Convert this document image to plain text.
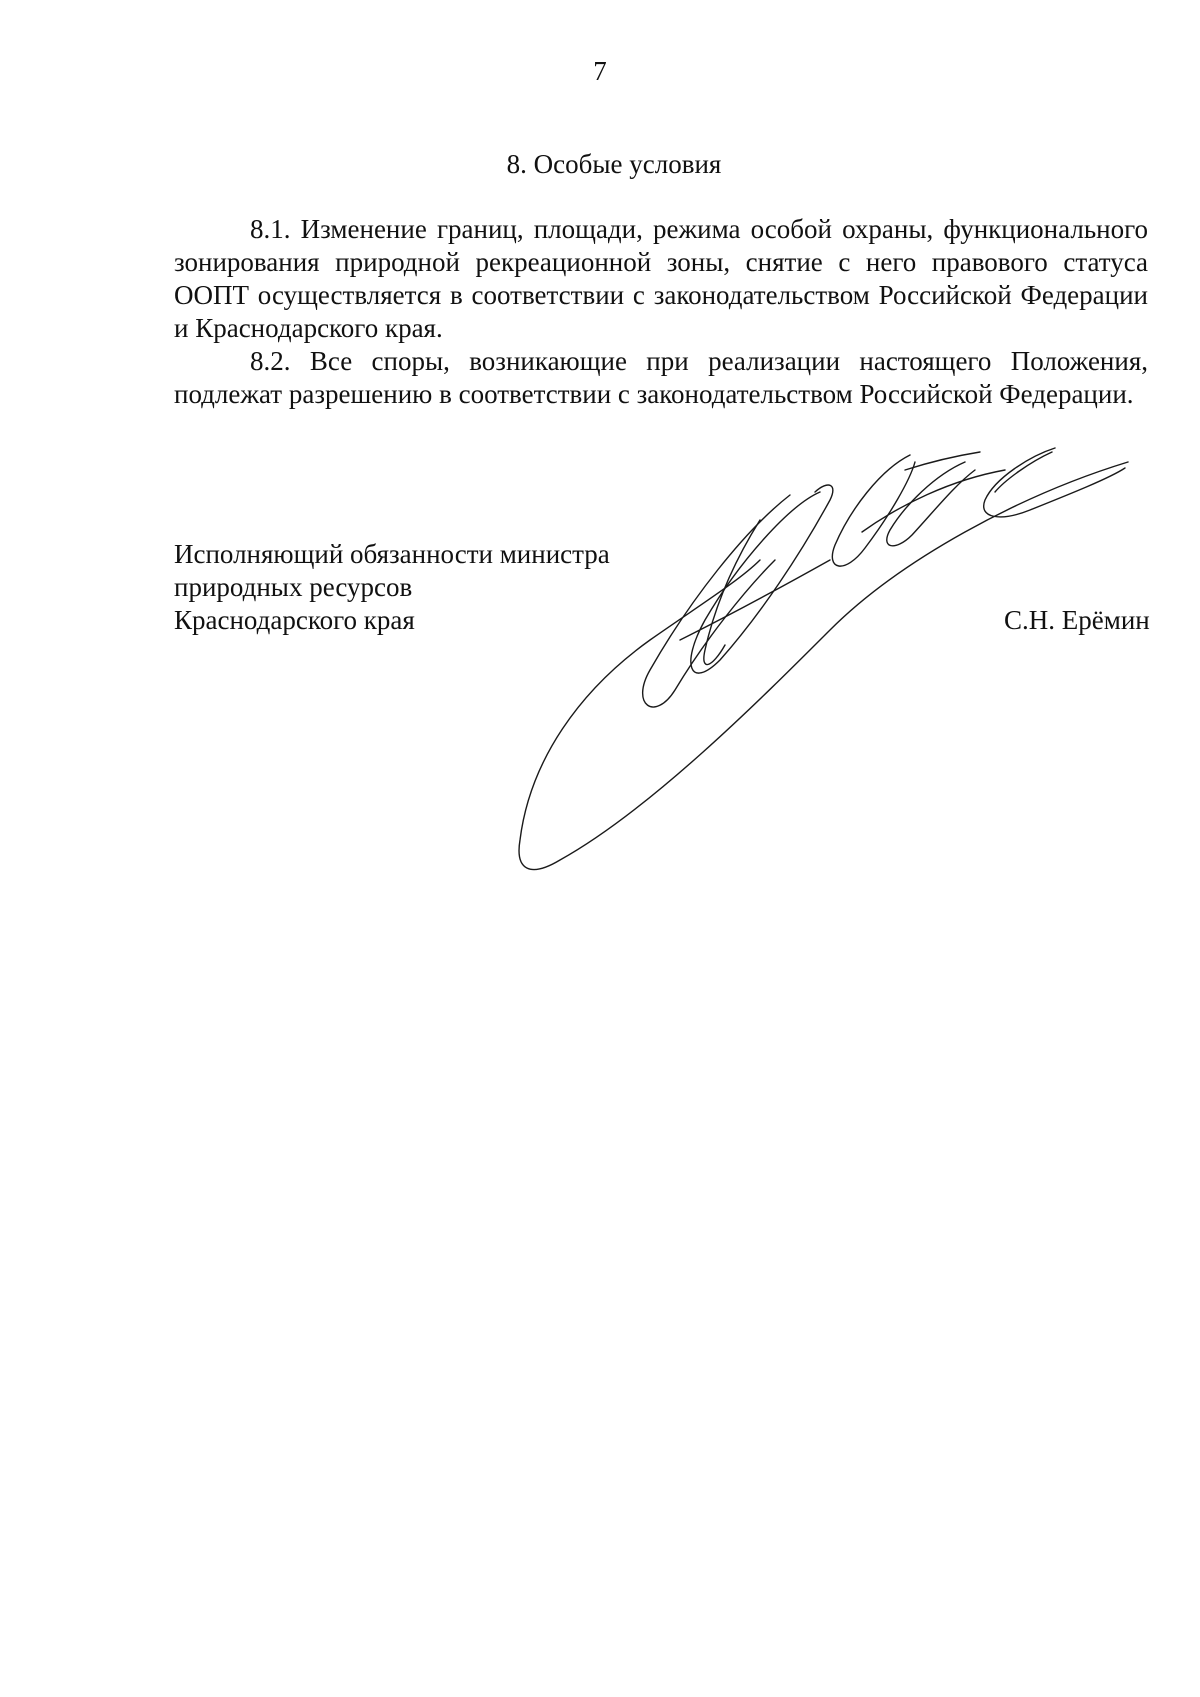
7
8. Особые условия

8.1. Изменение границ, площади, режима особой охраны, функционального зонирования природной рекреационной зоны, снятие с него правового статуса ООПТ осуществляется в соответствии с законодательством Российской Федерации и Краснодарского края.

8.2. Все споры, возникающие при реализации настоящего Положения, подлежат разрешению в соответствии с законодательством Российской Федерации.

Исполняющий обязанности министра
природных ресурсов
Краснодарского края	С.Н. Ерёмин
